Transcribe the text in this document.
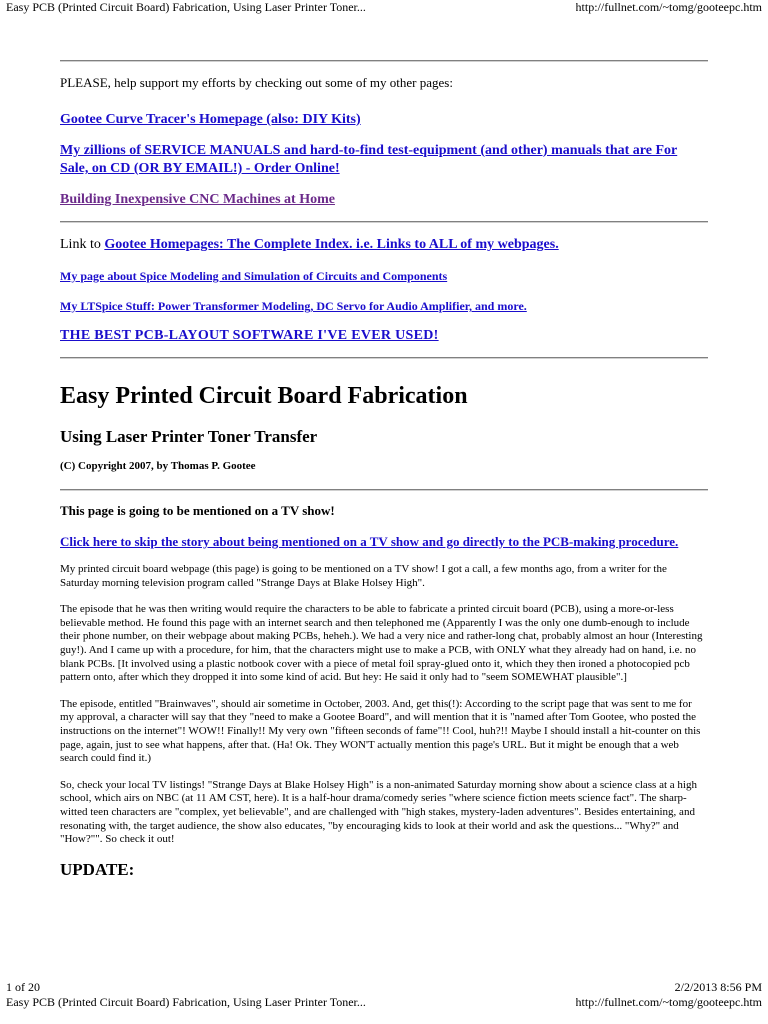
Easy PCB (Printed Circuit Board) Fabrication, Using Laser Printer Toner...	http://fullnet.com/~tomg/gooteepc.htm

PLEASE, help support my efforts by checking out some of my other pages:

Gootee Curve Tracer's Homepage (also: DIY Kits)

My zillions of SERVICE MANUALS and hard-to-find test-equipment (and other) manuals that are For Sale, on CD (OR BY EMAIL!) - Order Online!

Building Inexpensive CNC Machines at Home

Link to Gootee Homepages: The Complete Index. i.e. Links to ALL of my webpages.

My page about Spice Modeling and Simulation of Circuits and Components

My LTSpice Stuff: Power Transformer Modeling, DC Servo for Audio Amplifier, and more.

THE BEST PCB-LAYOUT SOFTWARE I'VE EVER USED!

Easy Printed Circuit Board Fabrication
Using Laser Printer Toner Transfer

(C) Copyright 2007, by Thomas P. Gootee

This page is going to be mentioned on a TV show!

Click here to skip the story about being mentioned on a TV show and go directly to the PCB-making procedure.

My printed circuit board webpage (this page) is going to be mentioned on a TV show! I got a call, a few months ago, from a writer for the Saturday morning television program called "Strange Days at Blake Holsey High".

The episode that he was then writing would require the characters to be able to fabricate a printed circuit board (PCB), using a more-or-less believable method. He found this page with an internet search and then telephoned me (Apparently I was the only one dumb-enough to include their phone number, on their webpage about making PCBs, heheh.). We had a very nice and rather-long chat, probably almost an hour (Interesting guy!). And I came up with a procedure, for him, that the characters might use to make a PCB, with ONLY what they already had on hand, i.e. no blank PCBs. [It involved using a plastic notbook cover with a piece of metal foil spray-glued onto it, which they then ironed a photocopied pcb pattern onto, after which they dropped it into some kind of acid. But hey: He said it only had to "seem SOMEWHAT plausible".]

The episode, entitled "Brainwaves", should air sometime in October, 2003. And, get this(!): According to the script page that was sent to me for my approval, a character will say that they "need to make a Gootee Board", and will mention that it is "named after Tom Gootee, who posted the instructions on the internet"! WOW!! Finally!! My very own "fifteen seconds of fame"!! Cool, huh?!! Maybe I should install a hit-counter on this page, again, just to see what happens, after that. (Ha! Ok. They WON'T actually mention this page's URL. But it might be enough that a web search could find it.)

So, check your local TV listings! "Strange Days at Blake Holsey High" is a non-animated Saturday morning show about a science class at a high school, which airs on NBC (at 11 AM CST, here). It is a half-hour drama/comedy series "where science fiction meets science fact". The sharp-witted teen characters are "complex, yet believable", and are challenged with "high stakes, mystery-laden adventures". Besides entertaining, and resonating with, the target audience, the show also educates, "by encouraging kids to look at their world and ask the questions... "Why?" and "How?"". So check it out!

UPDATE:

1 of 20	2/2/2013 8:56 PM
Easy PCB (Printed Circuit Board) Fabrication, Using Laser Printer Toner...	http://fullnet.com/~tomg/gooteepc.htm
